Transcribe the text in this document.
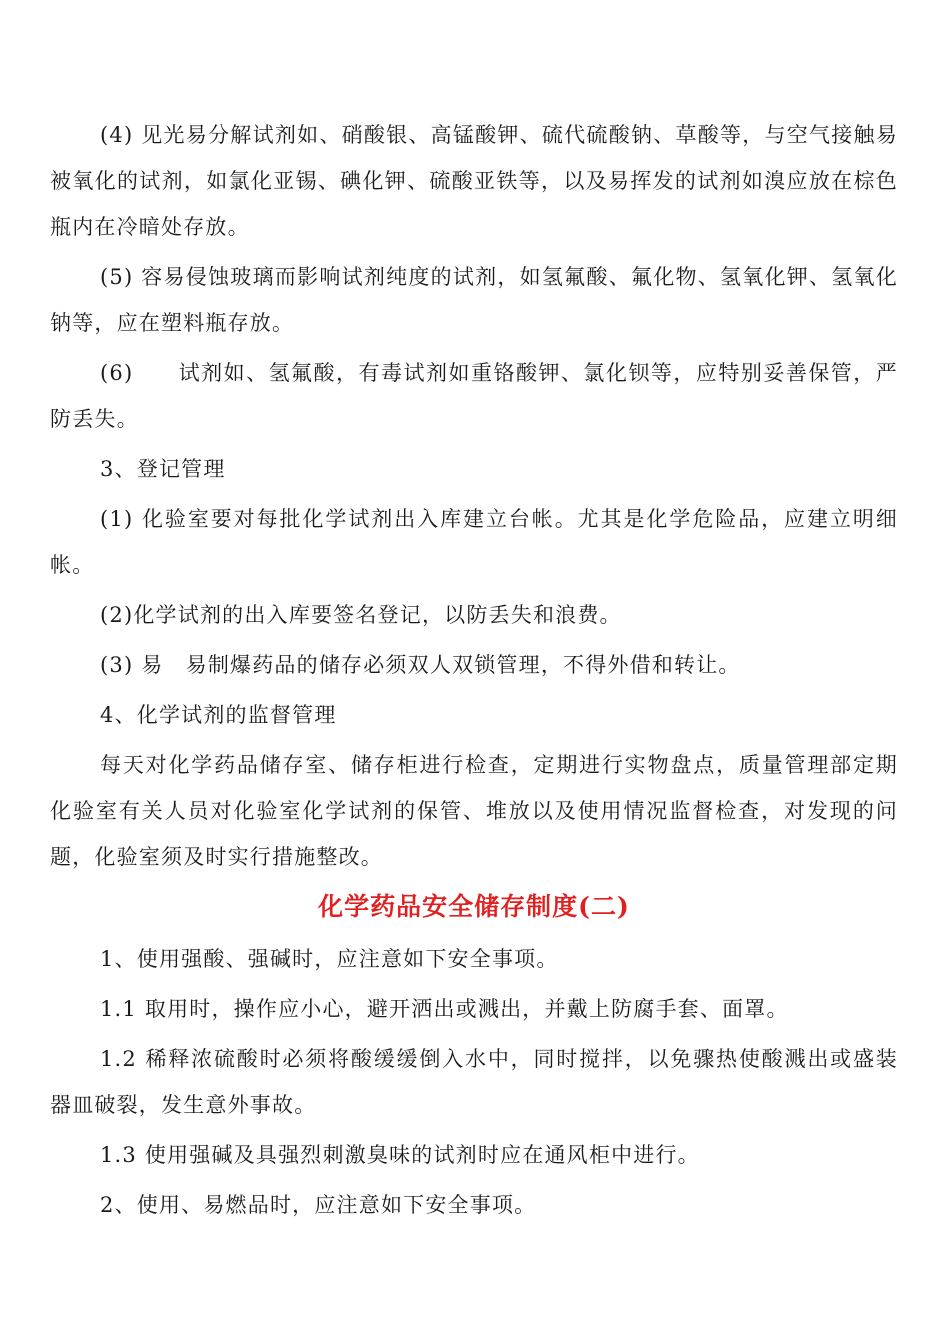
(4) 见光易分解试剂如、硝酸银、高锰酸钾、硫代硫酸钠、草酸等，与空气接触易被氧化的试剂，如氯化亚锡、碘化钾、硫酸亚铁等，以及易挥发的试剂如溴应放在棕色瓶内在冷暗处存放。

(5) 容易侵蚀玻璃而影响试剂纯度的试剂，如氢氟酸、氟化物、氢氧化钾、氢氧化钠等，应在塑料瓶存放。

(6)　　试剂如、氢氟酸，有毒试剂如重铬酸钾、氯化钡等，应特别妥善保管，严防丢失。

3、登记管理

(1) 化验室要对每批化学试剂出入库建立台帐。尤其是化学危险品，应建立明细帐。

(2)化学试剂的出入库要签名登记，以防丢失和浪费。

(3) 易　易制爆药品的储存必须双人双锁管理，不得外借和转让。

4、化学试剂的监督管理

每天对化学药品储存室、储存柜进行检查，定期进行实物盘点，质量管理部定期　化验室有关人员对化验室化学试剂的保管、堆放以及使用情况监督检查，对发现的问题，化验室须及时实行措施整改。

化学药品安全储存制度(二)

1、使用强酸、强碱时，应注意如下安全事项。

1.1 取用时，操作应小心，避开洒出或溅出，并戴上防腐手套、面罩。

1.2 稀释浓硫酸时必须将酸缓缓倒入水中，同时搅拌，以免骤热使酸溅出或盛装器皿破裂，发生意外事故。

1.3 使用强碱及具强烈刺激臭味的试剂时应在通风柜中进行。

2、使用、易燃品时，应注意如下安全事项。
